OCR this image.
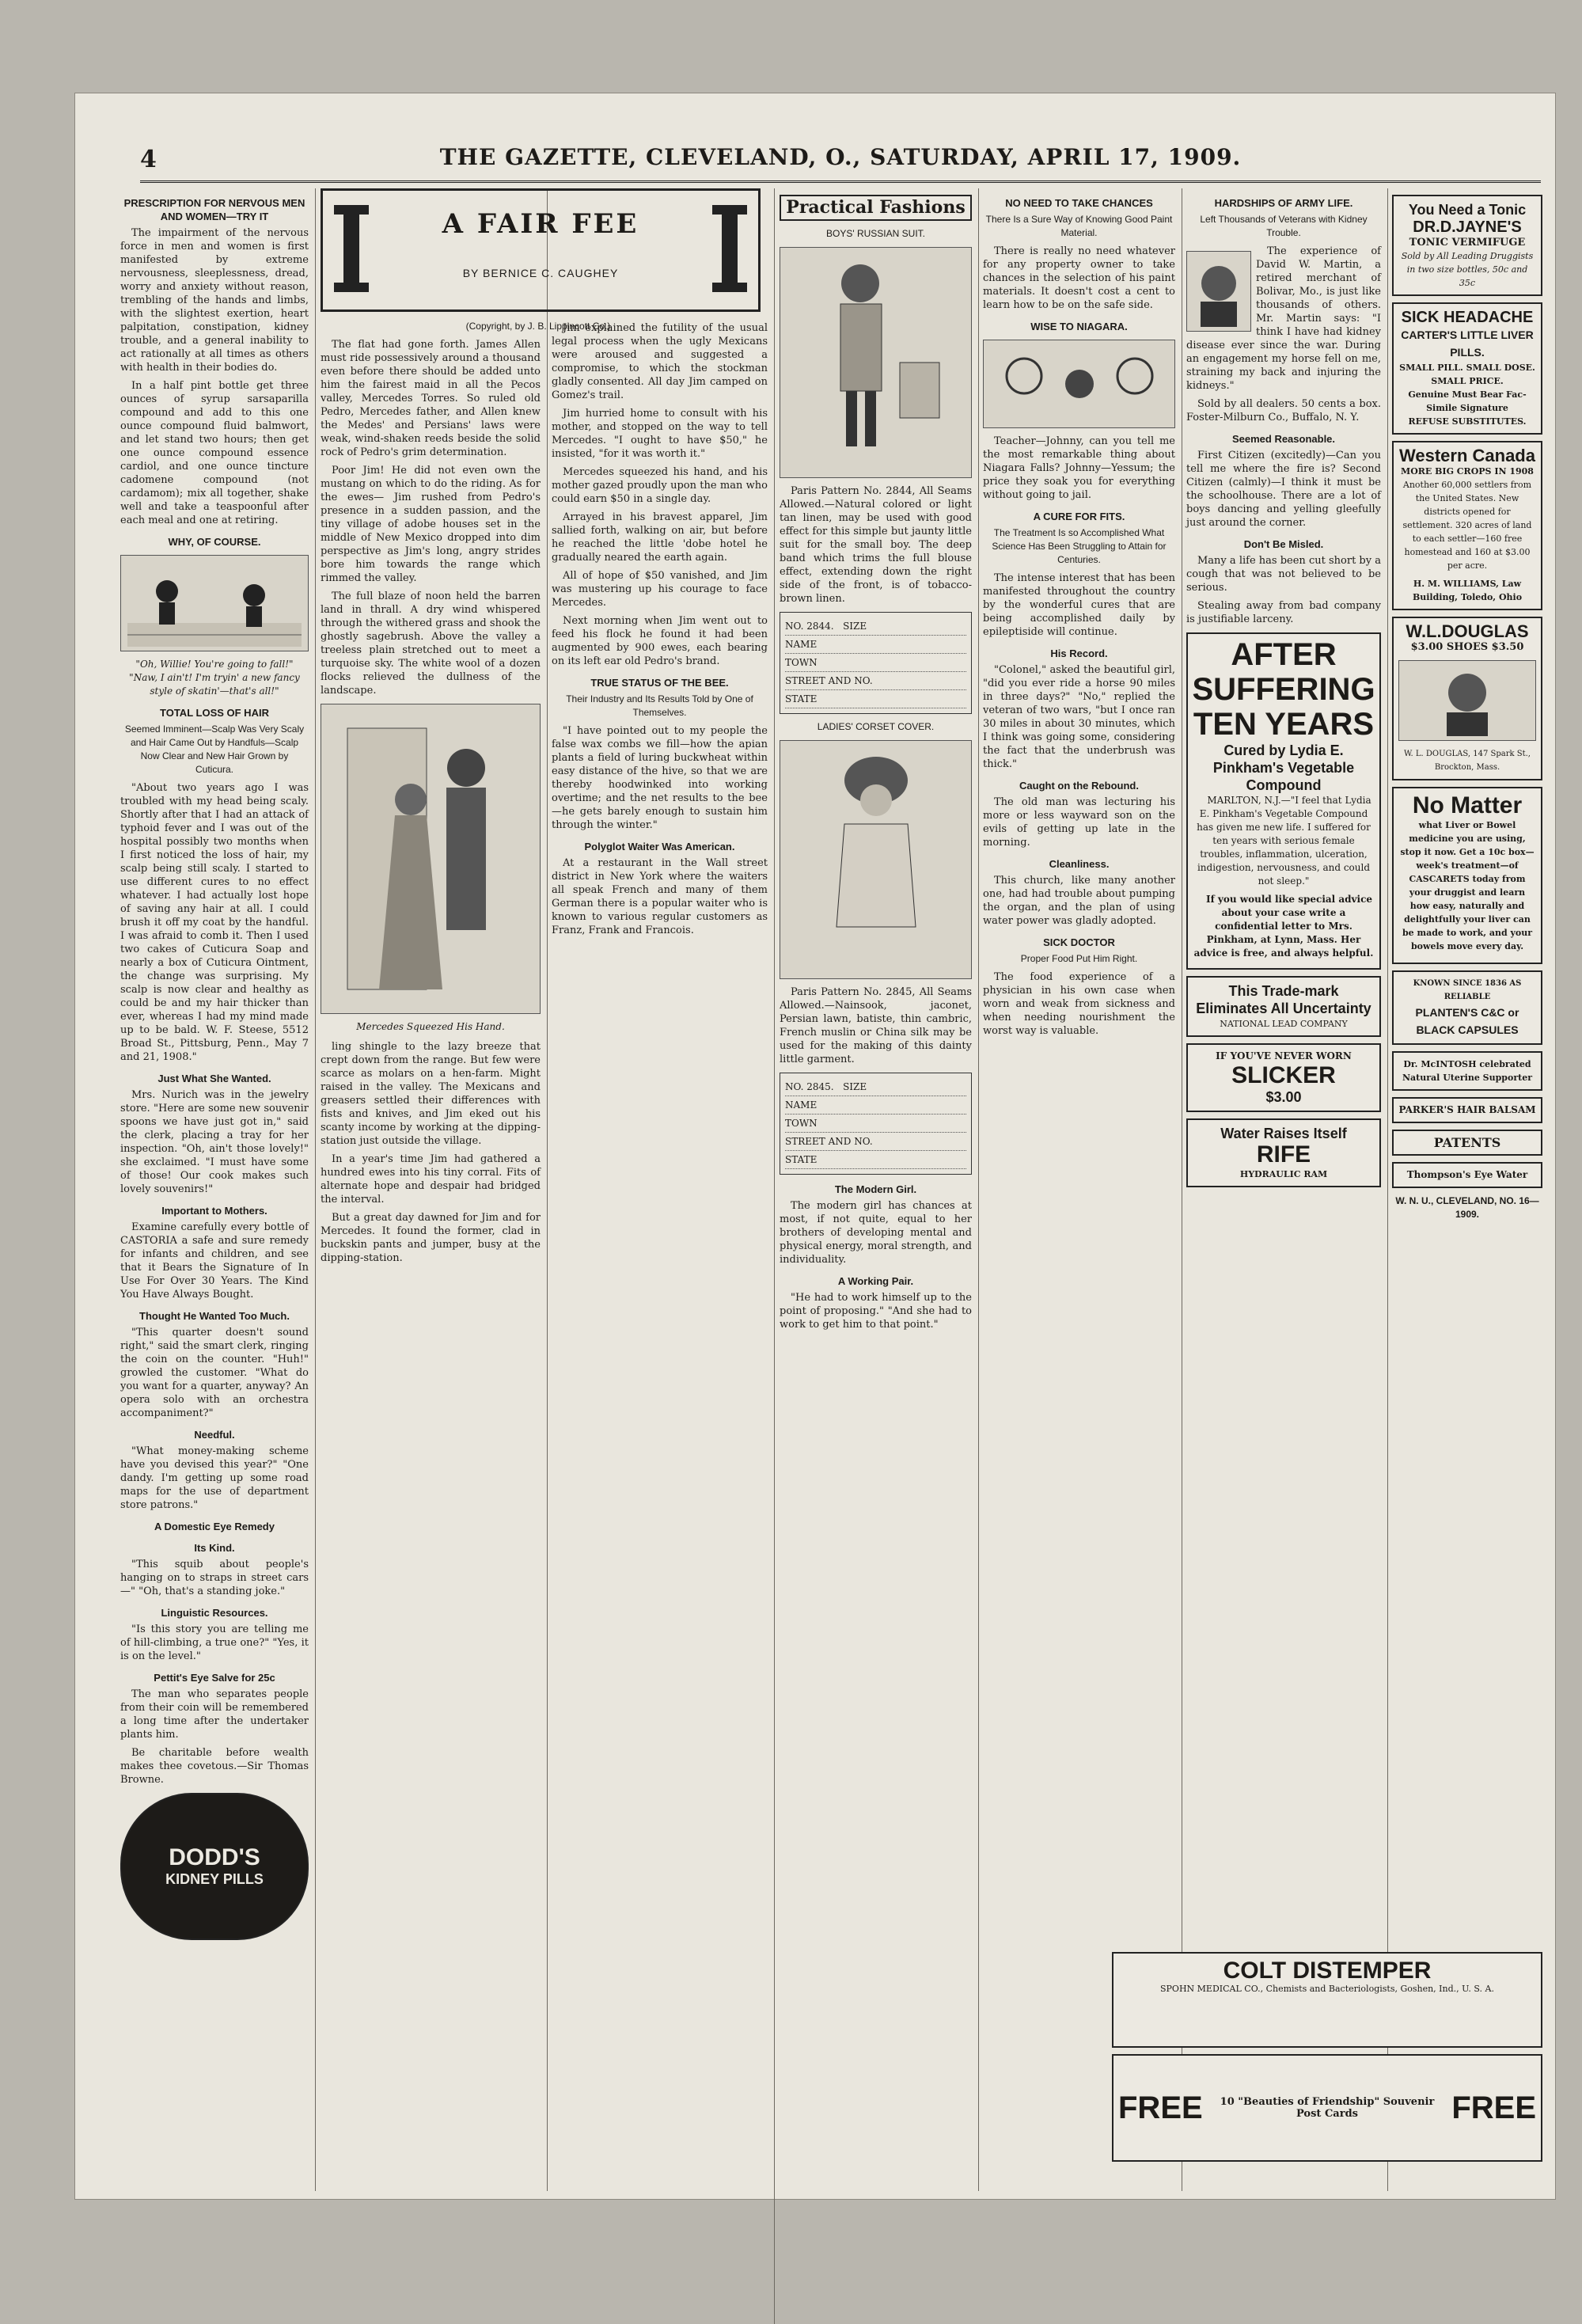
4	THE GAZETTE, CLEVELAND, O., SATURDAY, APRIL 17, 1909.
PRESCRIPTION FOR NERVOUS MEN AND WOMEN—TRY IT

The impairment of the nervous force in men and women is first manifested by extreme nervousness, sleeplessness, dread, worry and anxiety without reason, trembling of the hands and limbs, with the slightest exertion, heart palpitation, constipation, kidney trouble, and a general inability to act rationally at all times as others with health in their bodies do.

In a half pint bottle get three ounces of syrup sarsaparilla compound and add to this one ounce compound fluid balmwort, and let stand two hours; then get one ounce compound essence cardiol, and one ounce tincture cadomene compound (not cardamom); mix all together, shake well and take a teaspoonful after each meal and one at retiring.

WHY, OF COURSE.
"Oh, Willie! You're going to fall!" "Naw, I ain't! I'm tryin' a new fancy style of skatin'—that's all!"
TOTAL LOSS OF HAIR
Seemed Imminent—Scalp Was Very Scaly and Hair Came Out by Handfuls—Scalp Now Clear and New Hair Grown by Cuticura.

"About two years ago I was troubled with my head being scaly. Shortly after that I had an attack of typhoid fever and I was out of the hospital possibly two months when I first noticed the loss of hair, my scalp being still scaly. I started to use different cures to no effect whatever. I had actually lost hope of saving any hair at all. I could brush it off my coat by the handful. I was afraid to comb it. Then I used two cakes of Cuticura Soap and nearly a box of Cuticura Ointment, the change was surprising. My scalp is now clear and healthy as could be and my hair thicker than ever, whereas I had my mind made up to be bald. W. F. Steese, 5512 Broad St., Pittsburg, Penn., May 7 and 21, 1908."

Just What She Wanted.

Mrs. Nurich was in the jewelry store. "Here are some new souvenir spoons we have just got in," said the clerk, placing a tray for her inspection. "Oh, ain't those lovely!" she exclaimed. "I must have some of those! Our cook makes such lovely souvenirs!"

Important to Mothers.

Examine carefully every bottle of CASTORIA a safe and sure remedy for infants and children, and see that it Bears the Signature of In Use For Over 30 Years. The Kind You Have Always Bought.

Thought He Wanted Too Much.

"This quarter doesn't sound right," said the smart clerk, ringing the coin on the counter. "Huh!" growled the customer. "What do you want for a quarter, anyway? An opera solo with an orchestra accompaniment?"

Needful.

"What money-making scheme have you devised this year?" "One dandy. I'm getting up some road maps for the use of department store patrons."

A Domestic Eye Remedy
Its Kind.

"This squib about people's hanging on to straps in street cars—" "Oh, that's a standing joke."

Linguistic Resources.

"Is this story you are telling me of hill-climbing, a true one?" "Yes, it is on the level."

Pettit's Eye Salve for 25c

The man who separates people from their coin will be remembered a long time after the undertaker plants him.

Be charitable before wealth makes thee covetous.—Sir Thomas Browne.

DODD'S
KIDNEY PILLS
A FAIR FEE
BY BERNICE C. CAUGHEY
(Copyright, by J. B. Lippincott Co.)

The flat had gone forth. James Allen must ride possessively around a thousand even before there should be added unto him the fairest maid in all the Pecos valley, Mercedes Torres. So ruled old Pedro, Mercedes father, and Allen knew the Medes' and Persians' laws were weak, wind-shaken reeds beside the solid rock of Pedro's grim determination.

Poor Jim! He did not even own the mustang on which to do the riding. As for the ewes— Jim rushed from Pedro's presence in a sudden passion, and the tiny village of adobe houses set in the middle of New Mexico dropped into dim perspective as Jim's long, angry strides bore him towards the range which rimmed the valley.

The full blaze of noon held the barren land in thrall. A dry wind whispered through the withered grass and shook the ghostly sagebrush. Above the valley a treeless plain stretched out to meet a turquoise sky. The white wool of a dozen flocks relieved the dullness of the landscape.

Mercedes Squeezed His Hand.

ling shingle to the lazy breeze that crept down from the range. But few were scarce as molars on a hen-farm. Might raised in the valley. The Mexicans and greasers settled their differences with fists and knives, and Jim eked out his scanty income by working at the dipping-station just outside the village.

In a year's time Jim had gathered a hundred ewes into his tiny corral. Fits of alternate hope and despair had bridged the interval.

But a great day dawned for Jim and for Mercedes. It found the former, clad in buckskin pants and jumper, busy at the dipping-station.

Jim explained the futility of the usual legal process when the ugly Mexicans were aroused and suggested a compromise, to which the stockman gladly consented. All day Jim camped on Gomez's trail.

Jim hurried home to consult with his mother, and stopped on the way to tell Mercedes. "I ought to have $50," he insisted, "for it was worth it."

Mercedes squeezed his hand, and his mother gazed proudly upon the man who could earn $50 in a single day.

Arrayed in his bravest apparel, Jim sallied forth, walking on air, but before he reached the little 'dobe hotel he gradually neared the earth again.

All of hope of $50 vanished, and Jim was mustering up his courage to face Mercedes.

Next morning when Jim went out to feed his flock he found it had been augmented by 900 ewes, each bearing on its left ear old Pedro's brand.

TRUE STATUS OF THE BEE.
Their Industry and Its Results Told by One of Themselves.

"I have pointed out to my people the false wax combs we fill—how the apian plants a field of luring buckwheat within easy distance of the hive, so that we are thereby hoodwinked into working overtime; and the net results to the bee—he gets barely enough to sustain him through the winter."

Polyglot Waiter Was American.

At a restaurant in the Wall street district in New York where the waiters all speak French and many of them German there is a popular waiter who is known to various regular customers as Franz, Frank and Francois.

Practical Fashions
BOYS' RUSSIAN SUIT.

Paris Pattern No. 2844, All Seams Allowed.—Natural colored or light tan linen, may be used with good effect for this simple but jaunty little suit for the small boy. The deep band which trims the full blouse effect, extending down the right side of the front, is of tobacco-brown linen.

NO. 2844. SIZE
NAME
TOWN
STREET AND NO.
STATE
LADIES' CORSET COVER.

Paris Pattern No. 2845, All Seams Allowed.—Nainsook, jaconet, Persian lawn, batiste, thin cambric, French muslin or China silk may be used for the making of this dainty little garment.

NO. 2845. SIZE
NAME
TOWN
STREET AND NO.
STATE
The Modern Girl.

The modern girl has chances at most, if not quite, equal to her brothers of developing mental and physical energy, moral strength, and individuality.

A Working Pair.

"He had to work himself up to the point of proposing." "And she had to work to get him to that point."

NO NEED TO TAKE CHANCES
There Is a Sure Way of Knowing Good Paint Material.

There is really no need whatever for any property owner to take chances in the selection of his paint materials. It doesn't cost a cent to learn how to be on the safe side.

WISE TO NIAGARA.

Teacher—Johnny, can you tell me the most remarkable thing about Niagara Falls? Johnny—Yessum; the price they soak you for everything without going to jail.

A CURE FOR FITS.
The Treatment Is so Accomplished What Science Has Been Struggling to Attain for Centuries.

The intense interest that has been manifested throughout the country by the wonderful cures that are being accomplished daily by epileptiside will continue.

His Record.

"Colonel," asked the beautiful girl, "did you ever ride a horse 90 miles in three days?" "No," replied the veteran of two wars, "but I once ran 30 miles in about 30 minutes, which I think was going some, considering the fact that the underbrush was thick."

Caught on the Rebound.

The old man was lecturing his more or less wayward son on the evils of getting up late in the morning.

Cleanliness.

This church, like many another one, had had trouble about pumping the organ, and the plan of using water power was gladly adopted.

SICK DOCTOR
Proper Food Put Him Right.

The food experience of a physician in his own case when worn and weak from sickness and when needing nourishment the worst way is valuable.

HARDSHIPS OF ARMY LIFE.
Left Thousands of Veterans with Kidney Trouble.

The experience of David W. Martin, a retired merchant of Bolivar, Mo., is just like thousands of others. Mr. Martin says: "I think I have had kidney disease ever since the war. During an engagement my horse fell on me, straining my back and injuring the kidneys."

Sold by all dealers. 50 cents a box. Foster-Milburn Co., Buffalo, N. Y.

Seemed Reasonable.

First Citizen (excitedly)—Can you tell me where the fire is? Second Citizen (calmly)—I think it must be the schoolhouse. There are a lot of boys dancing and yelling gleefully just around the corner.

Don't Be Misled.

Many a life has been cut short by a cough that was not believed to be serious.

Stealing away from bad company is justifiable larceny.

AFTER
SUFFERING
TEN YEARS
Cured by Lydia E. Pinkham's Vegetable Compound

MARLTON, N.J.—"I feel that Lydia E. Pinkham's Vegetable Compound has given me new life. I suffered for ten years with serious female troubles, inflammation, ulceration, indigestion, nervousness, and could not sleep."

If you would like special advice about your case write a confidential letter to Mrs. Pinkham, at Lynn, Mass. Her advice is free, and always helpful.

This Trade-mark Eliminates All Uncertainty
NATIONAL LEAD COMPANY
IF YOU'VE NEVER WORN
SLICKER
$3.00
Water Raises Itself
RIFE
HYDRAULIC RAM
You Need a Tonic
DR.D.JAYNE'S
TONIC VERMIFUGE
Sold by All Leading Druggists in two size bottles, 50c and 35c
SICK HEADACHE
CARTER'S LITTLE LIVER PILLS.
SMALL PILL. SMALL DOSE. SMALL PRICE.
Genuine Must Bear Fac-Simile Signature
REFUSE SUBSTITUTES.
Western Canada
MORE BIG CROPS IN 1908

Another 60,000 settlers from the United States. New districts opened for settlement. 320 acres of land to each settler—160 free homestead and 160 at $3.00 per acre.

H. M. WILLIAMS, Law Building, Toledo, Ohio
W.L.DOUGLAS
$3.00 SHOES $3.50
W. L. DOUGLAS, 147 Spark St., Brockton, Mass.
No Matter

what Liver or Bowel medicine you are using, stop it now. Get a 10c box—week's treatment—of CASCARETS today from your druggist and learn how easy, naturally and delightfully your liver can be made to work, and your bowels move every day.

KNOWN SINCE 1836 AS RELIABLE
PLANTEN'S C&C or BLACK CAPSULES
Dr. McINTOSH celebrated Natural Uterine Supporter
PARKER'S HAIR BALSAM
PATENTS
Thompson's Eye Water
W. N. U., CLEVELAND, NO. 16—1909.
COLT DISTEMPER
SPOHN MEDICAL CO., Chemists and Bacteriologists, Goshen, Ind., U. S. A.
FREE	10 "Beauties of Friendship" Souvenir Post Cards	FREE
